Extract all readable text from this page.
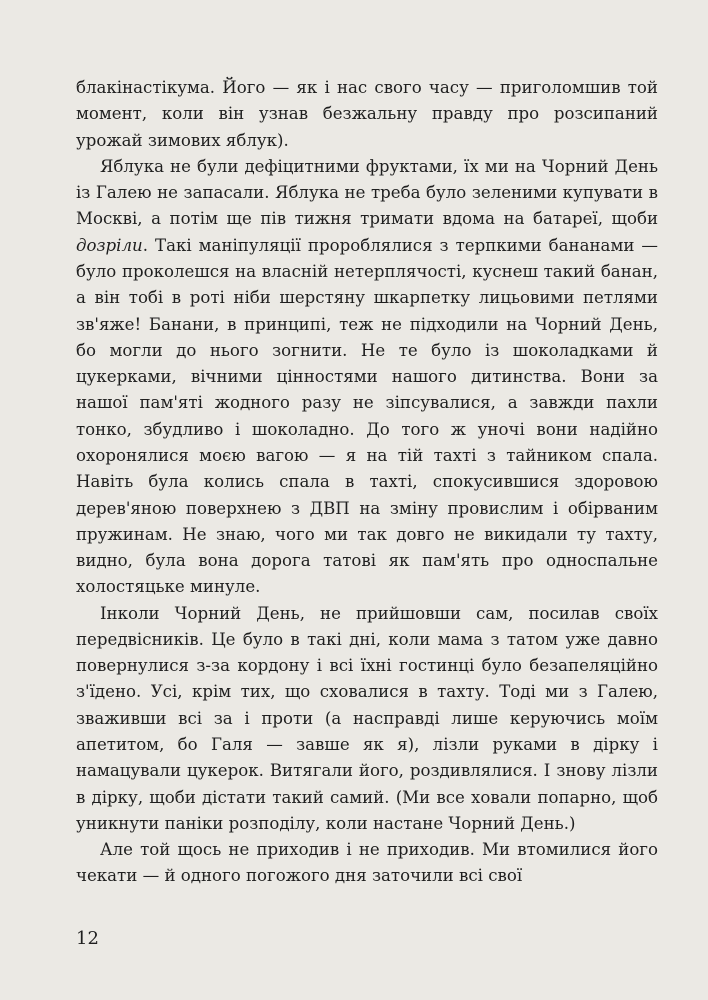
блакінастікума. Його — як і нас свого часу — приголомшив той момент, коли він узнав безжальну правду про розсипаний урожай зимових яблук).

Яблука не були дефіцитними фруктами, їх ми на Чорний День із Галею не запасали. Яблука не треба було зеленими купувати в Москві, а потім ще пів тижня тримати вдома на батареї, щоби дозріли. Такі маніпуляції пророблялися з терпкими бананами — було проколешся на власній нетерплячості, куснеш такий банан, а він тобі в роті ніби шерстяну шкарпетку лицьовими петлями зв'яже! Банани, в принципі, теж не підходили на Чорний День, бо могли до нього зогнити. Не те було із шоколадками й цукерками, вічними цінностями нашого дитинства. Вони за нашої пам'яті жодного разу не зіпсувалися, а завжди пахли тонко, збудливо і шоколадно. До того ж уночі вони надійно охоронялися моєю вагою — я на тій тахті з тайником спала. Навіть була колись спала в тахті, спокусившися здоровою дерев'яною поверхнею з ДВП на зміну провислим і обірваним пружинам. Не знаю, чого ми так довго не викидали ту тахту, видно, була вона дорога татові як пам'ять про односпальне холостяцьке минуле.

Інколи Чорний День, не прийшовши сам, посилав своїх передвісників. Це було в такі дні, коли мама з татом уже давно повернулися з-за кордону і всі їхні гостинці було безапеляційно з'їдено. Усі, крім тих, що сховалися в тахту. Тоді ми з Галею, зваживши всі за і проти (а насправді лише керуючись моїм апетитом, бо Галя — завше як я), лізли руками в дірку і намацували цукерок. Витягали його, роздивлялися. І знову лізли в дірку, щоби дістати такий самий. (Ми все ховали попарно, щоб уникнути паніки розподілу, коли настане Чорний День.)

Але той щось не приходив і не приходив. Ми втомилися його чекати — й одного погожого дня заточили всі свої

12
